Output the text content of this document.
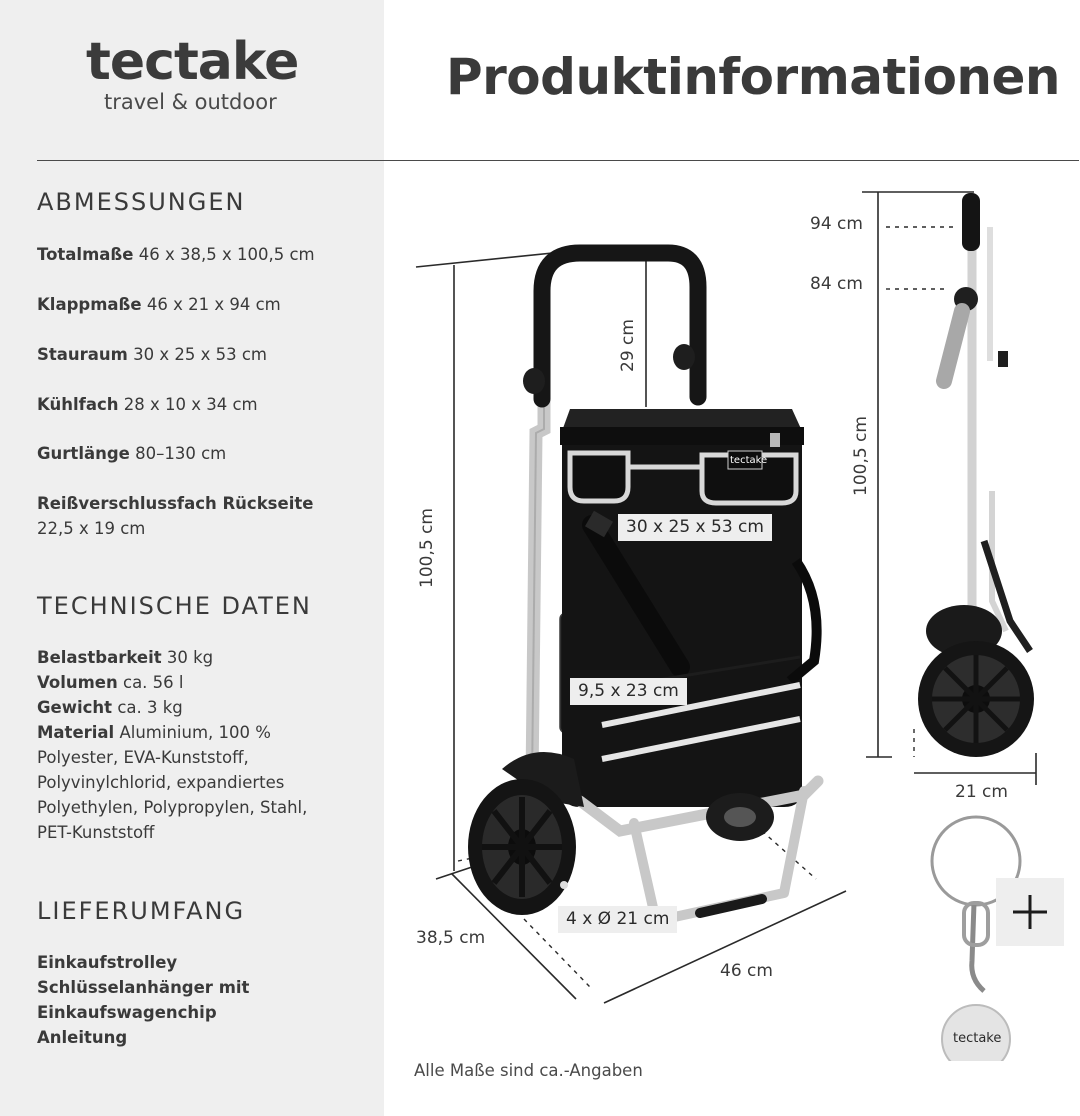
tectake
travel & outdoor	Produktinformationen
ABMESSUNGEN
Totalmaße 46 x 38,5 x 100,5 cm
Klappmaße 46 x 21 x 94 cm
Stauraum 30 x 25 x 53 cm
Kühlfach 28 x 10 x 34 cm
Gurtlänge 80–130 cm
Reißverschlussfach Rückseite
22,5 x 19 cm
TECHNISCHE DATEN
Belastbarkeit 30 kg
Volumen ca. 56 l
Gewicht ca. 3 kg
Material Aluminium, 100 % Polyester, EVA-Kunststoff, Polyvinylchlorid, expandiertes Polyethylen, Polypropylen, Stahl, PET-Kunststoff
LIEFERUMFANG
Einkaufstrolley
Schlüsselanhänger mit Einkaufswagenchip
Anleitung
100,5 cm
29 cm
30 x 25 x 53 cm
9,5 x 23 cm
4 x Ø 21 cm
38,5 cm
46 cm
tectake
94 cm
84 cm
100,5 cm
21 cm
tectake
Alle Maße sind ca.-Angaben
